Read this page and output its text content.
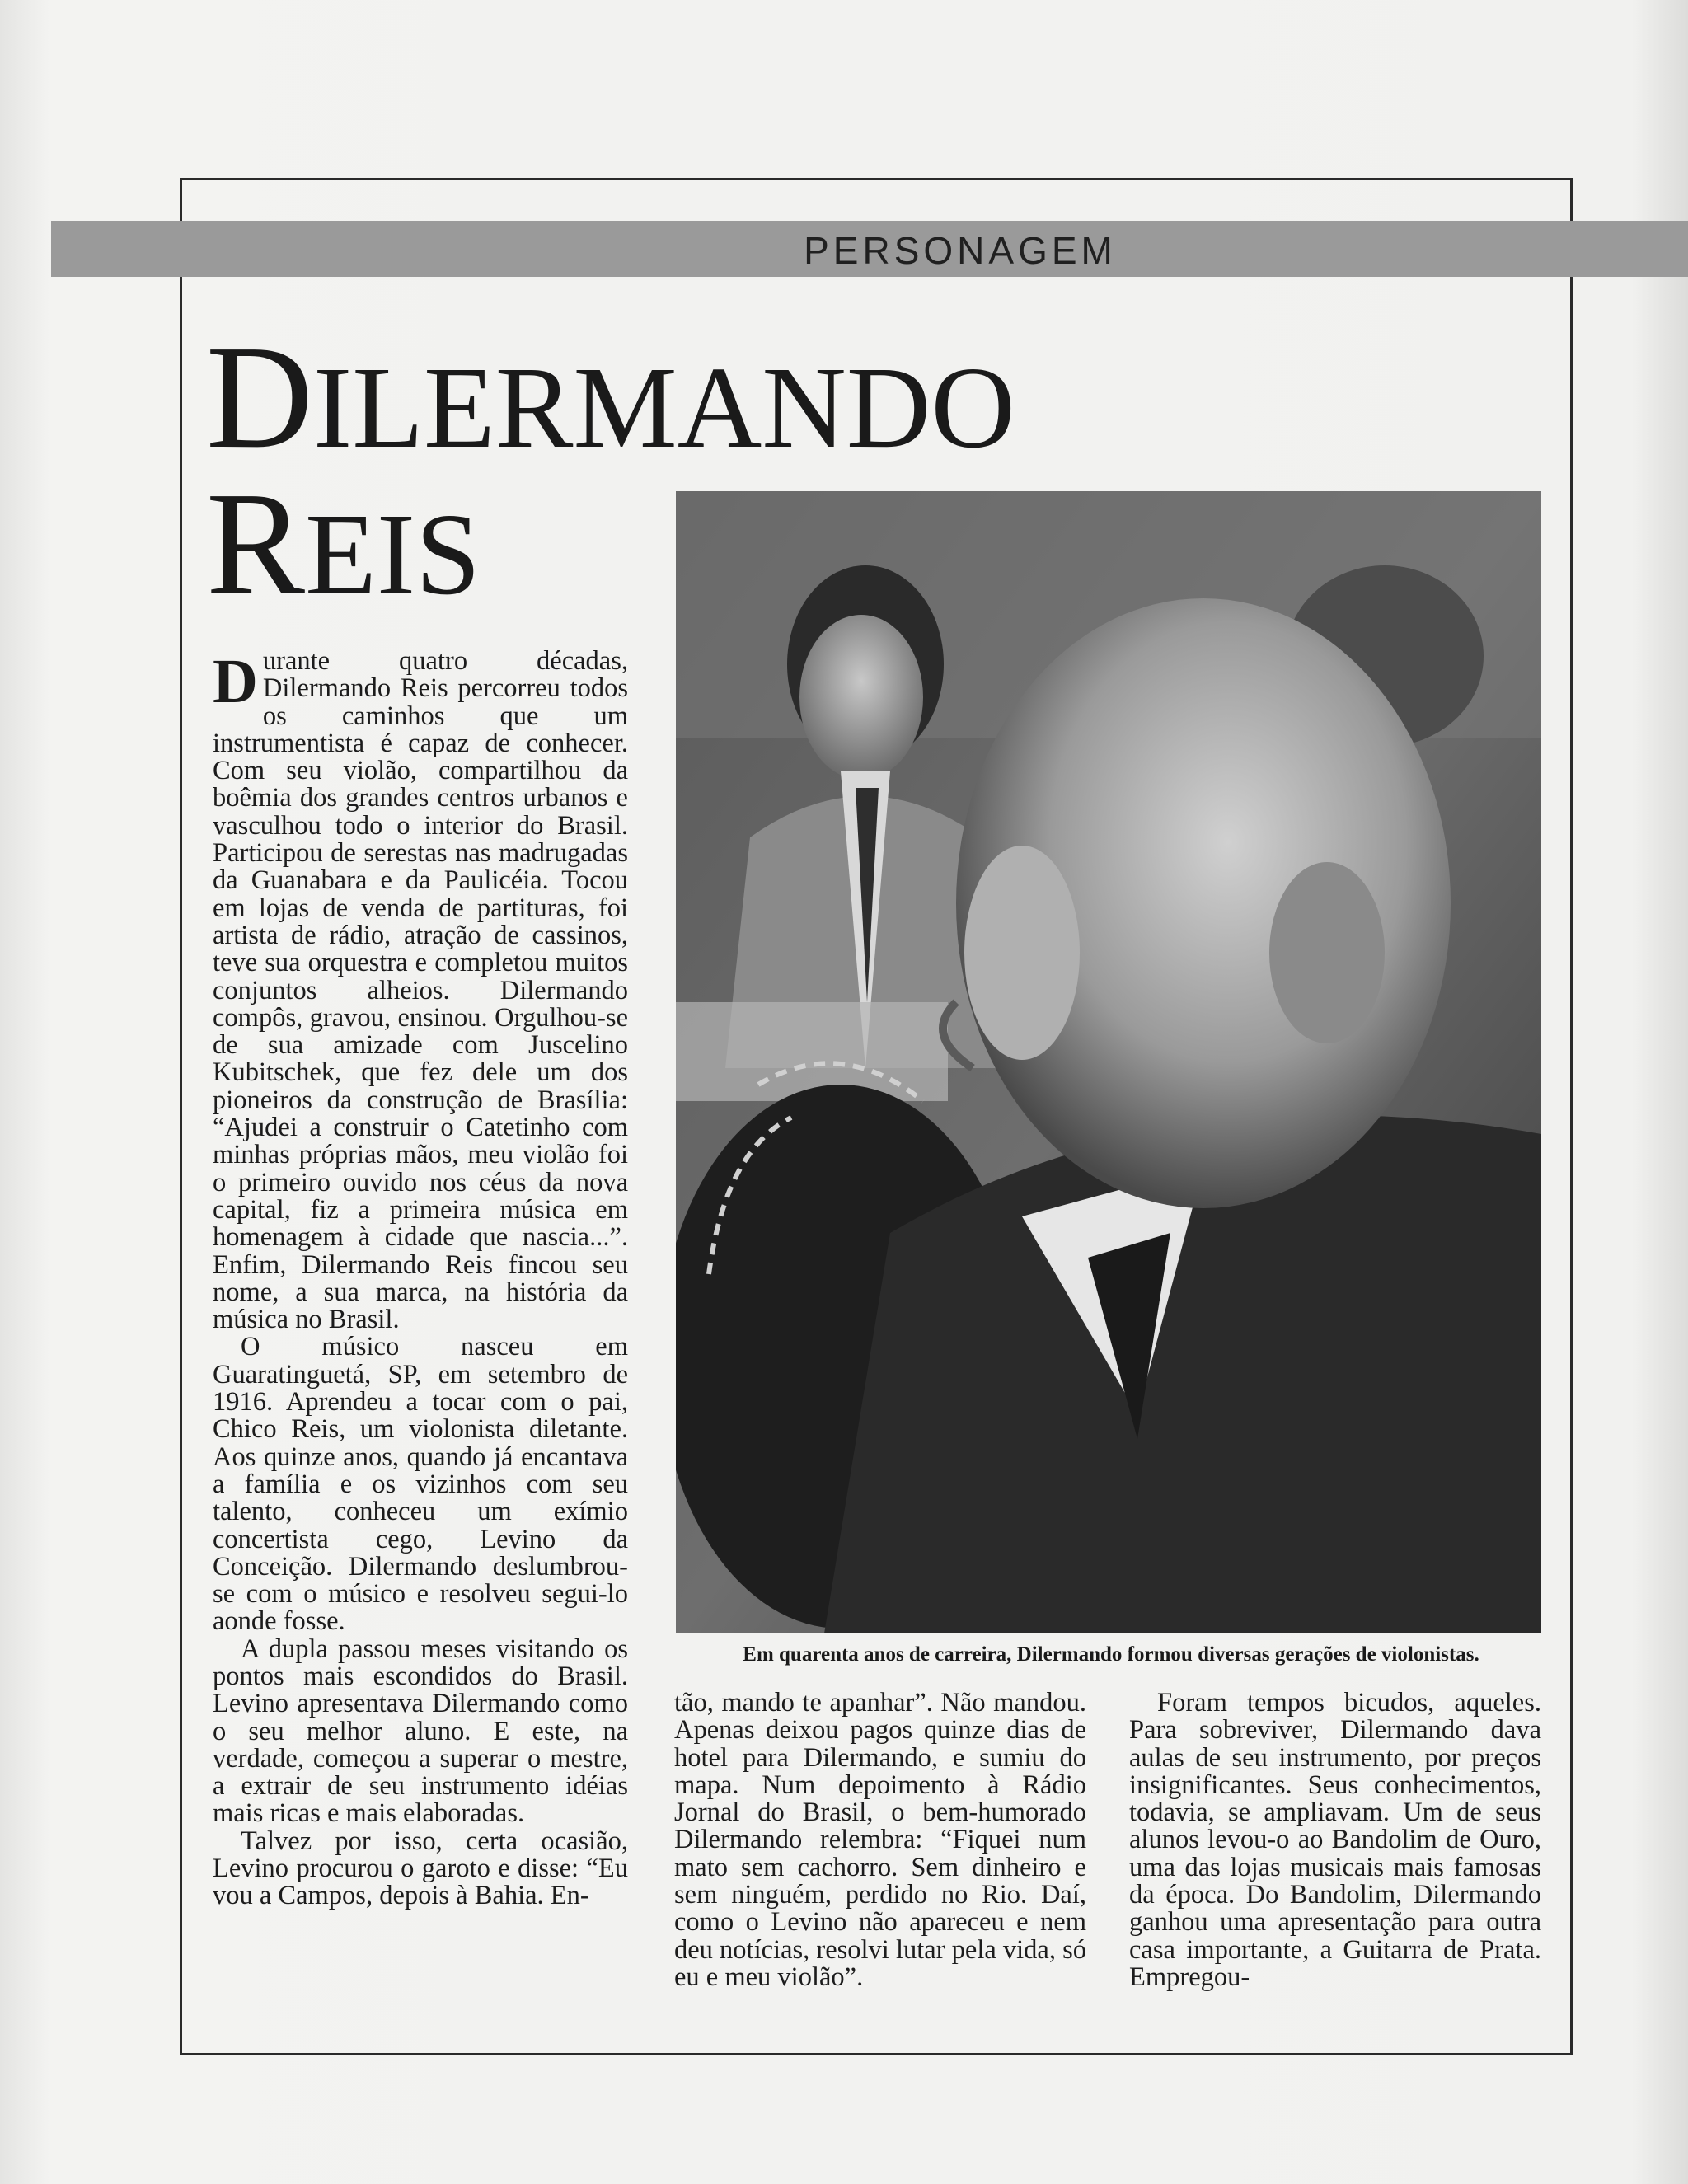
PERSONAGEM
DILERMANDO
REIS
Em quarenta anos de carreira, Dilermando formou diversas gerações de violonistas.

Durante quatro décadas, Dilermando Reis percorreu todos os caminhos que um instrumentista é capaz de conhecer. Com seu violão, compartilhou da boêmia dos grandes centros urbanos e vasculhou todo o interior do Brasil. Participou de serestas nas madrugadas da Guanabara e da Paulicéia. Tocou em lojas de venda de partituras, foi artista de rádio, atração de cassinos, teve sua orquestra e completou muitos conjuntos alheios. Dilermando compôs, gravou, ensinou. Orgulhou-se de sua amizade com Juscelino Kubitschek, que fez dele um dos pioneiros da construção de Brasília: “Ajudei a construir o Catetinho com minhas próprias mãos, meu violão foi o primeiro ouvido nos céus da nova capital, fiz a primeira música em homenagem à cidade que nascia...”. Enfim, Dilermando Reis fincou seu nome, a sua marca, na história da música no Brasil.

O músico nasceu em Guaratinguetá, SP, em setembro de 1916. Aprendeu a tocar com o pai, Chico Reis, um violonista diletante. Aos quinze anos, quando já encantava a família e os vizinhos com seu talento, conheceu um exímio concertista cego, Levino da Conceição. Dilermando deslumbrou-se com o músico e resolveu segui-lo aonde fosse.

A dupla passou meses visitando os pontos mais escondidos do Brasil. Levino apresentava Dilermando como o seu melhor aluno. E este, na verdade, começou a superar o mestre, a extrair de seu instrumento idéias mais ricas e mais elaboradas.

Talvez por isso, certa ocasião, Levino procurou o garoto e disse: “Eu vou a Campos, depois à Bahia. En-

tão, mando te apanhar”. Não mandou. Apenas deixou pagos quinze dias de hotel para Dilermando, e sumiu do mapa. Num depoimento à Rádio Jornal do Brasil, o bem-humorado Dilermando relembra: “Fiquei num mato sem cachorro. Sem dinheiro e sem ninguém, perdido no Rio. Daí, como o Levino não apareceu e nem deu notícias, resolvi lutar pela vida, só eu e meu violão”.

Foram tempos bicudos, aqueles. Para sobreviver, Dilermando dava aulas de seu instrumento, por preços insignificantes. Seus conhecimentos, todavia, se ampliavam. Um de seus alunos levou-o ao Bandolim de Ouro, uma das lojas musicais mais famosas da época. Do Bandolim, Dilermando ganhou uma apresentação para outra casa importante, a Guitarra de Prata. Empregou-
